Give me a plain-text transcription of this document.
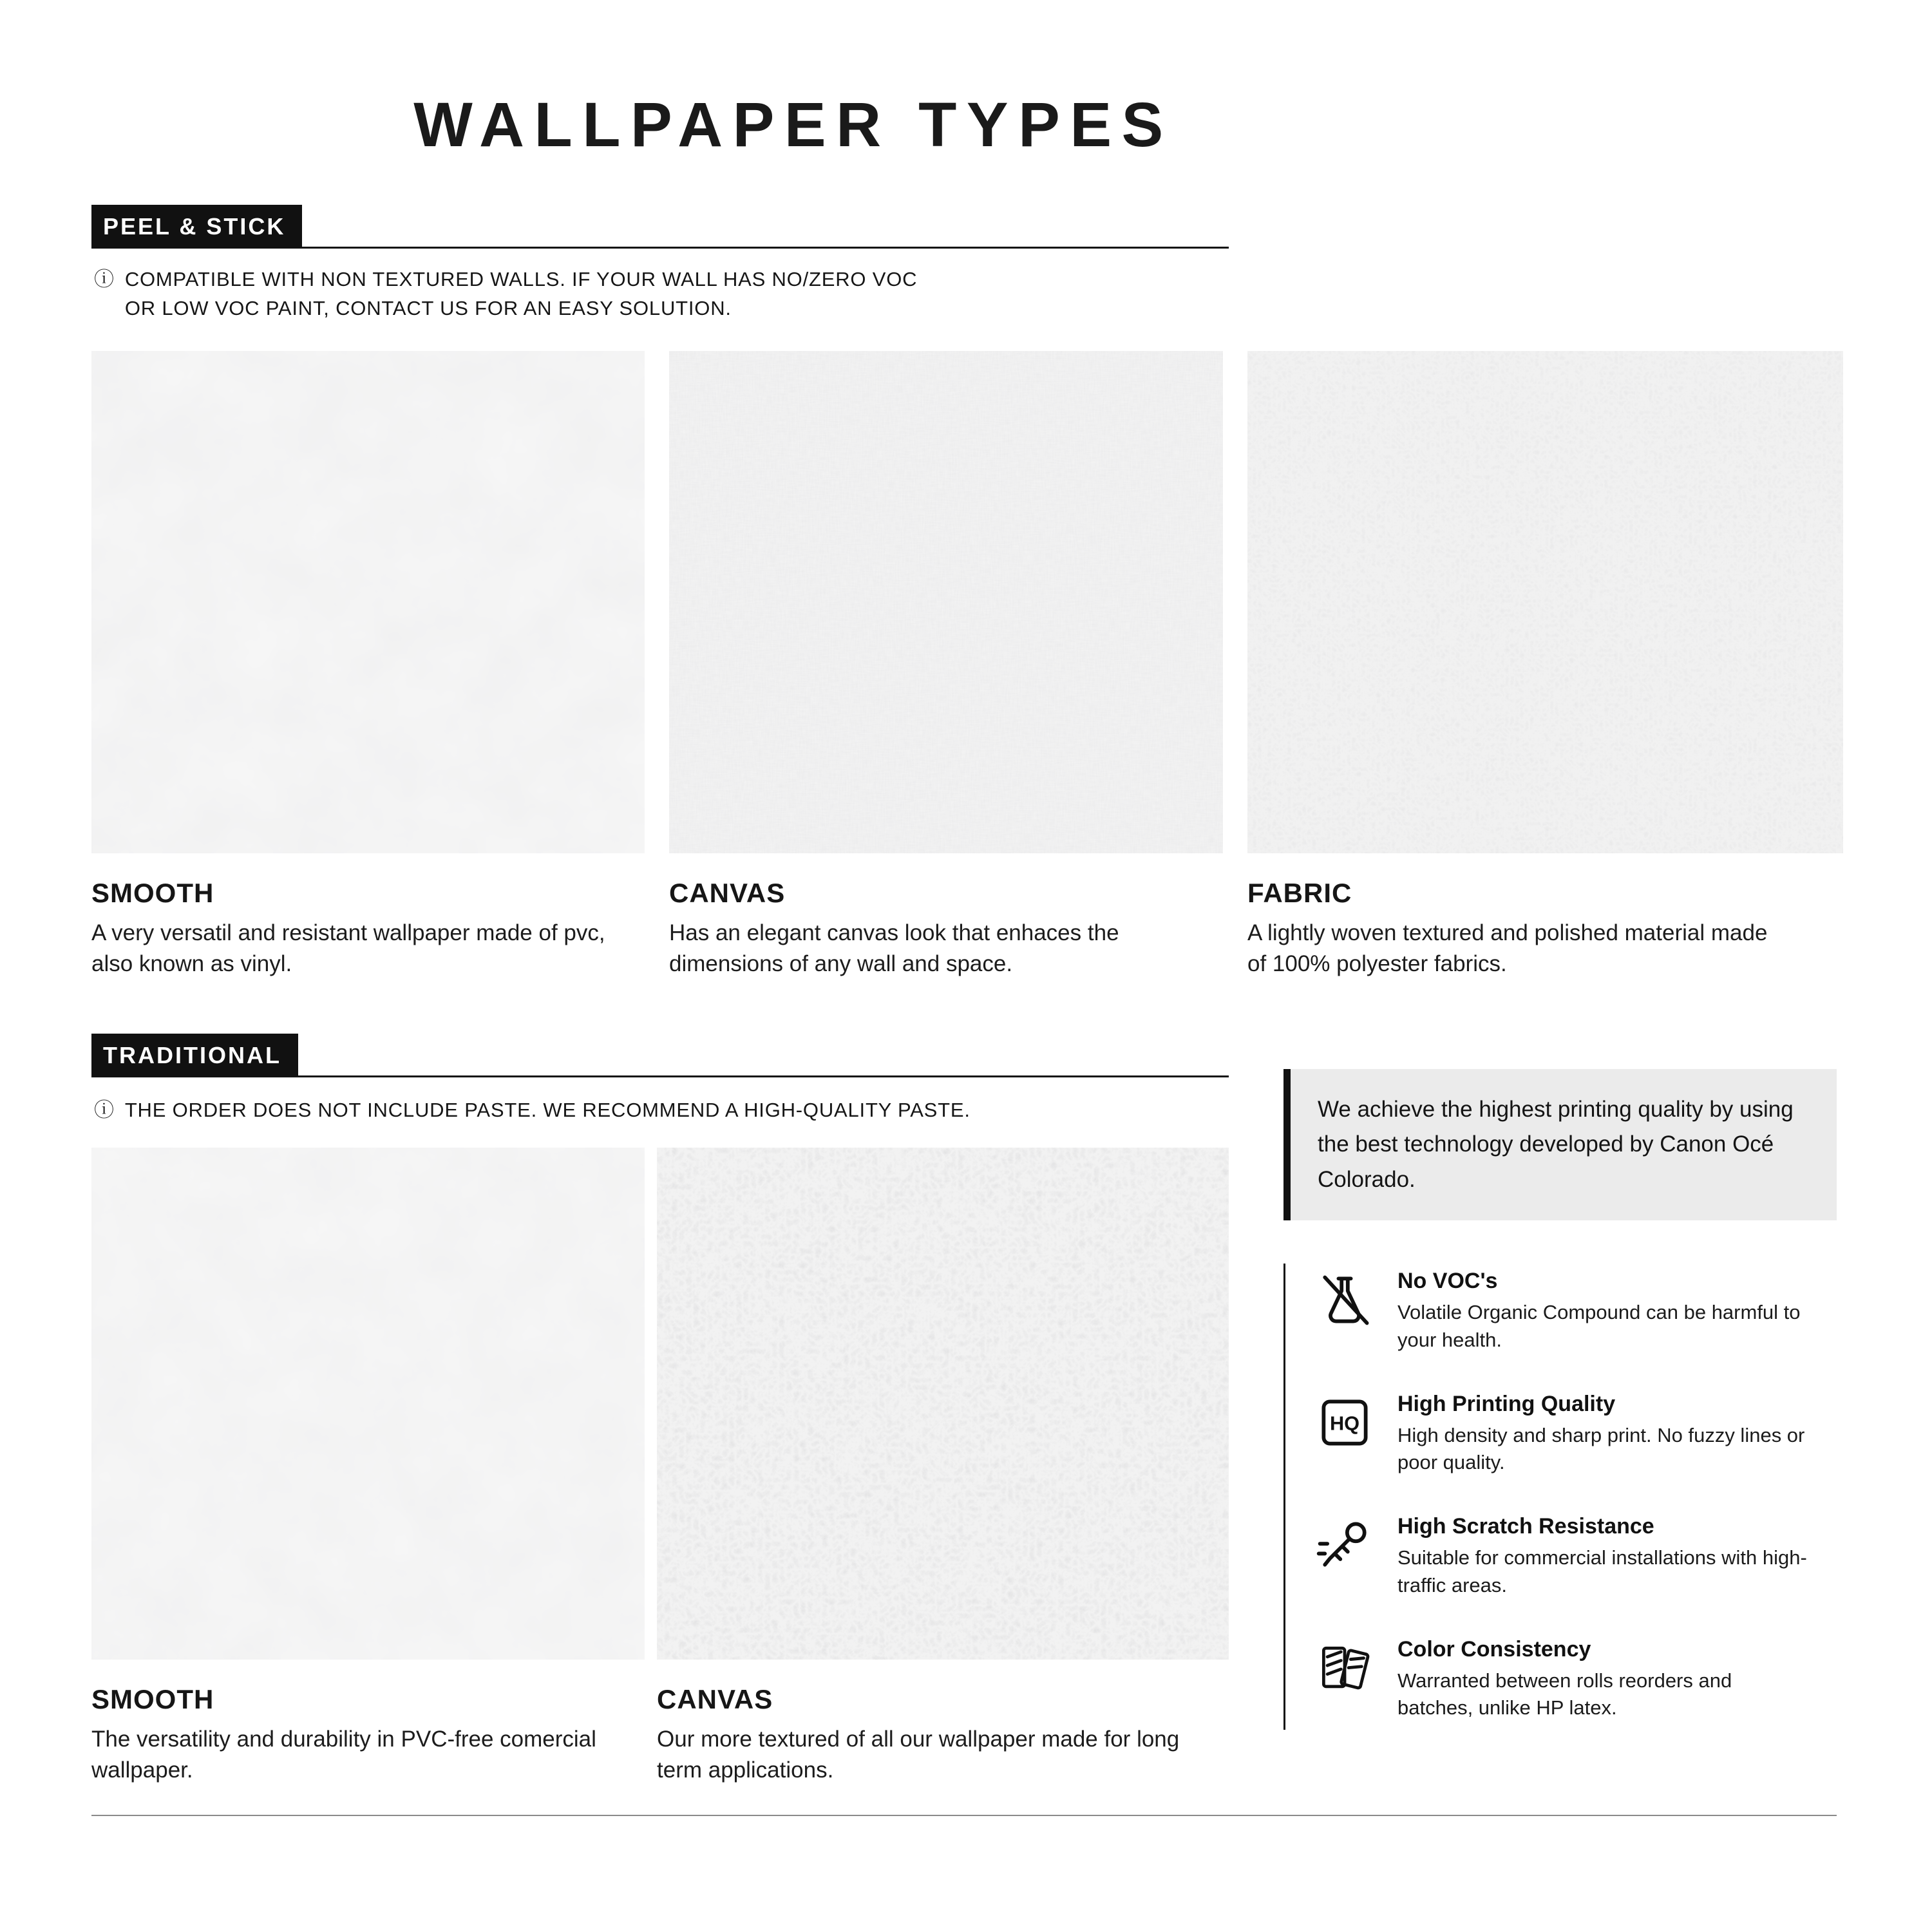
WALLPAPER TYPES
PEEL & STICK
ⓘ COMPATIBLE WITH NON TEXTURED WALLS. IF YOUR WALL HAS NO/ZERO VOC OR LOW VOC PAINT, CONTACT US FOR AN EASY SOLUTION.
SMOOTH
A very versatil and resistant wallpaper made of pvc, also known as vinyl.
CANVAS
Has an elegant canvas look that enhaces the dimensions of any wall and space.
FABRIC
A lightly woven textured and polished material made of 100% polyester fabrics.
TRADITIONAL
ⓘ THE ORDER DOES NOT INCLUDE PASTE. WE RECOMMEND A HIGH-QUALITY PASTE.
SMOOTH
The versatility and durability in PVC-free comercial wallpaper.
CANVAS
Our more textured of all our wallpaper made for long term applications.
We achieve the highest printing quality by using the best technology developed by Canon Océ Colorado.
No VOC's
Volatile Organic Compound can be harmful to your health.
HQ
High Printing Quality
High density and sharp print. No fuzzy lines or poor quality.
High Scratch Resistance
Suitable for commercial installations with high-traffic areas.
Color Consistency
Warranted between rolls reorders and batches, unlike HP latex.
